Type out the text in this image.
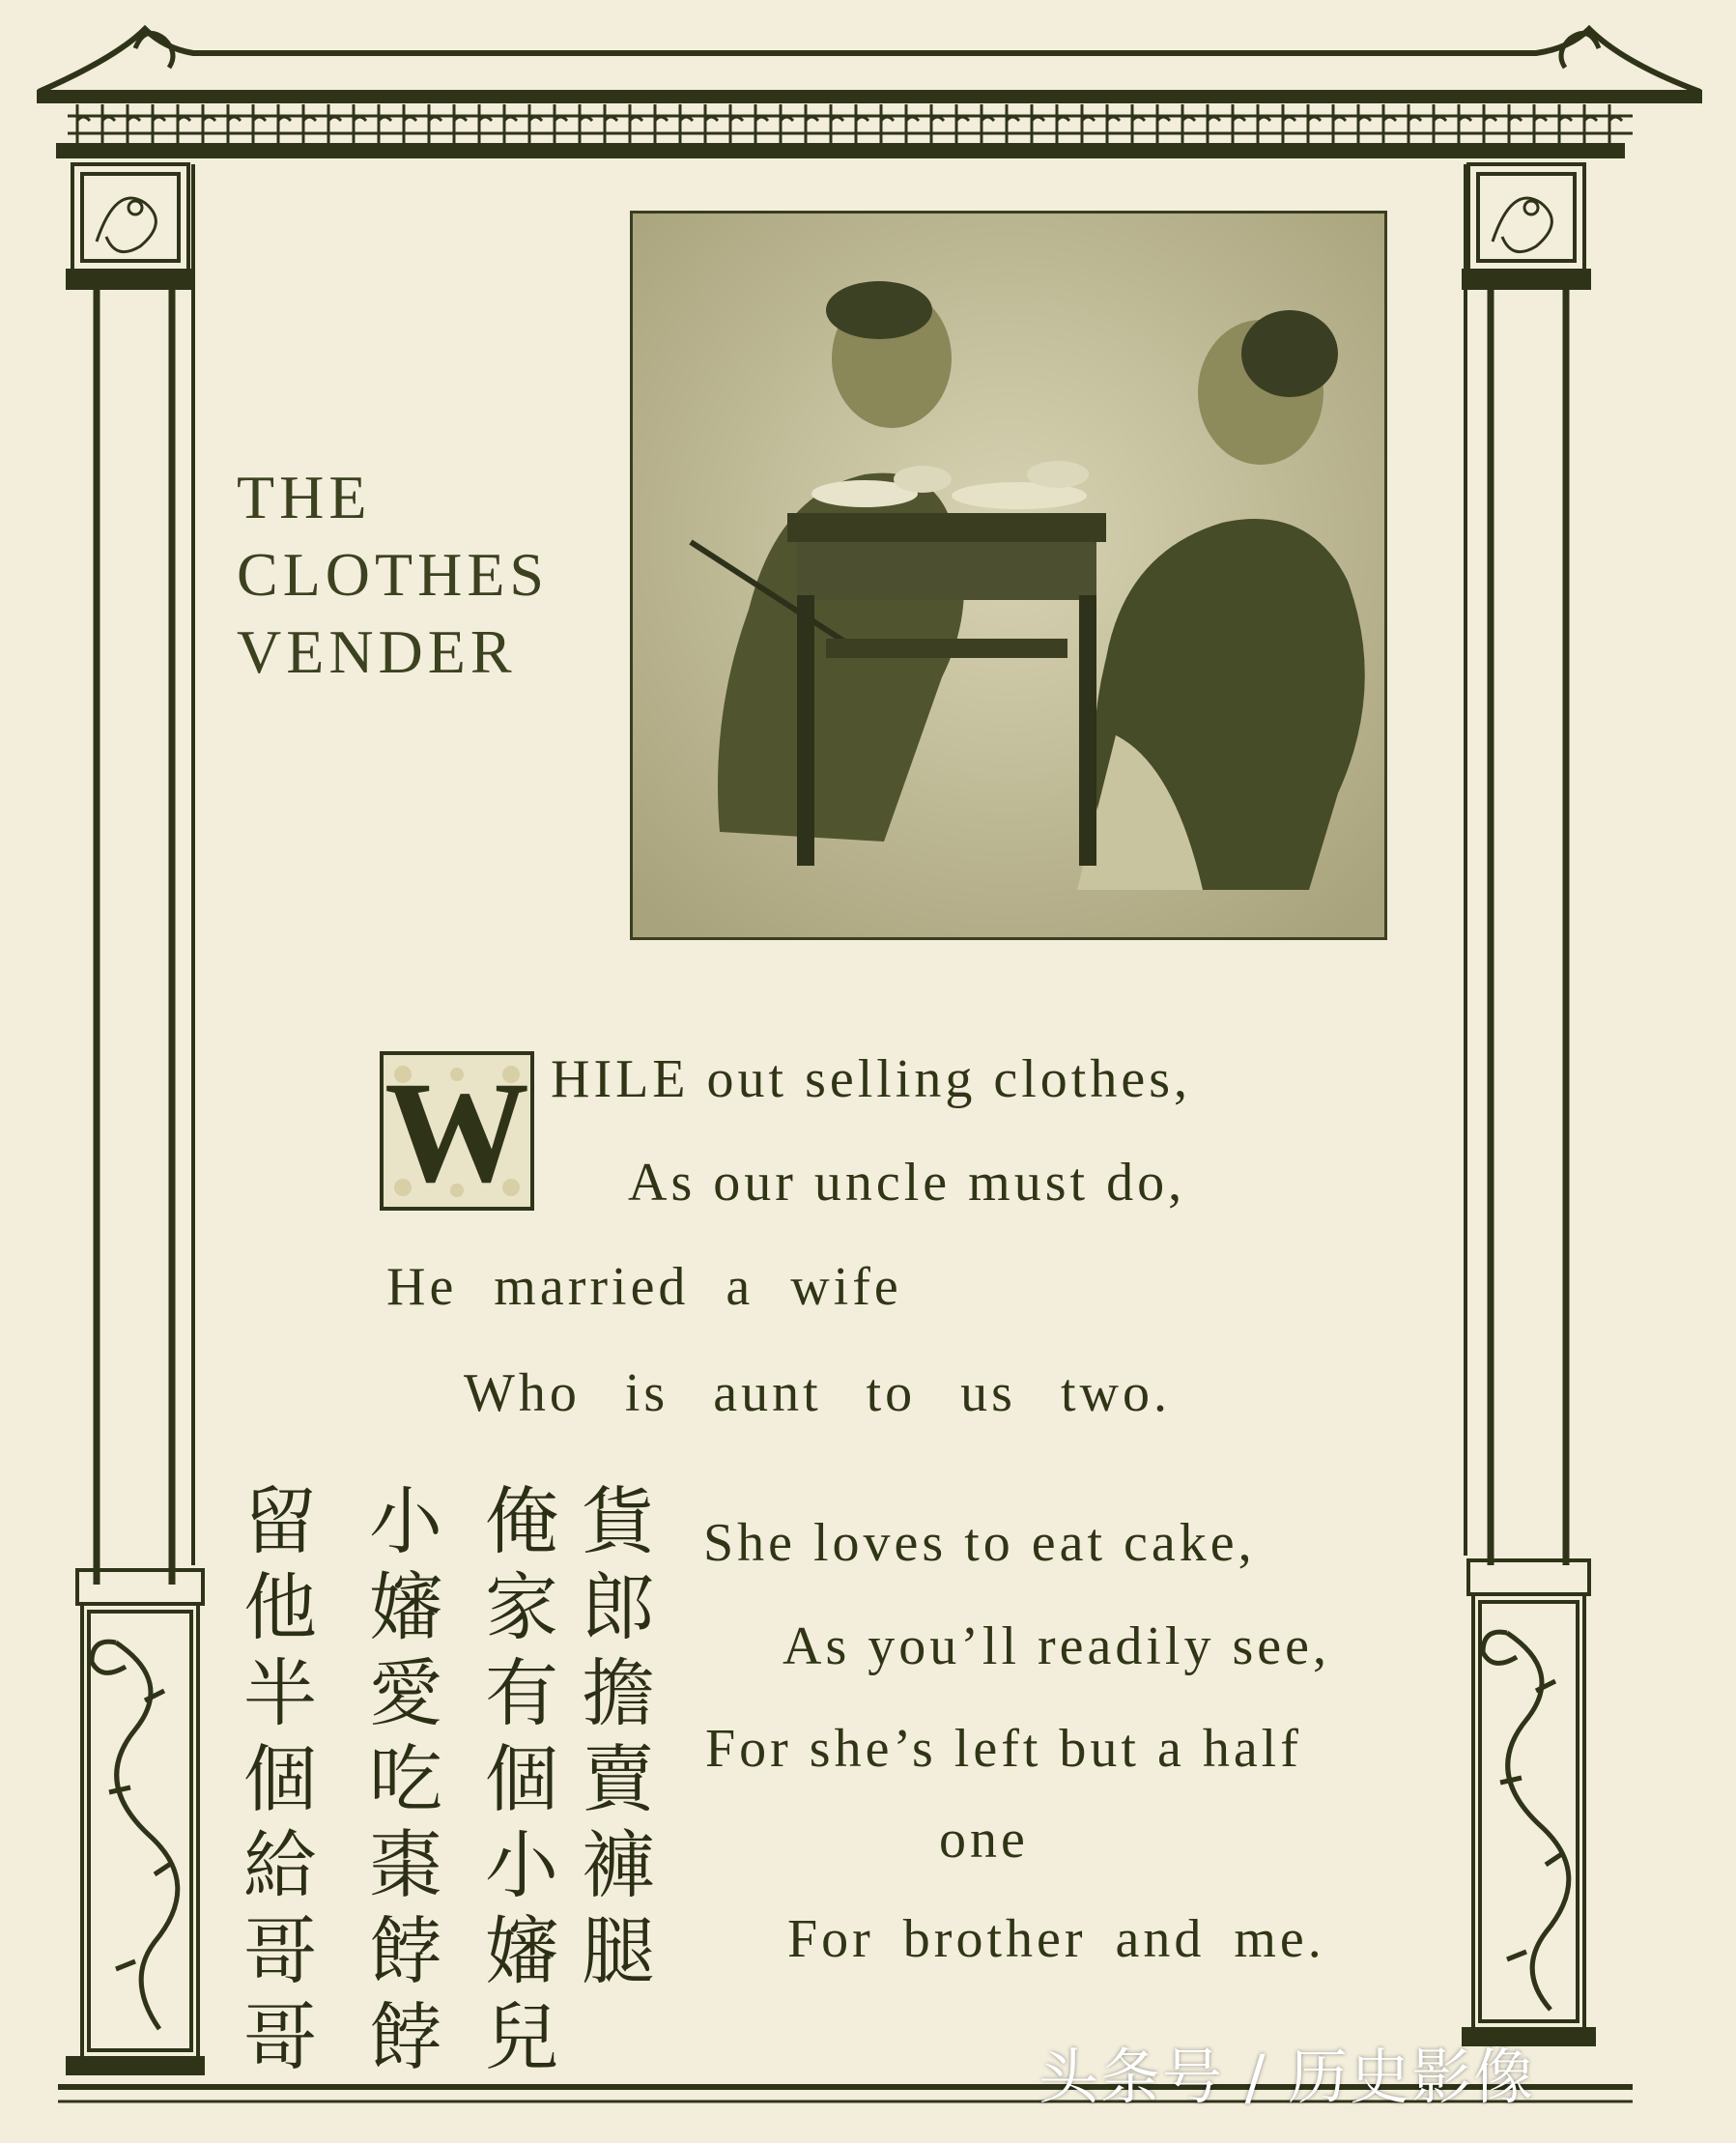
THE
CLOTHES
VENDER
W HILE out selling clothes,
As our uncle must do,
He married a wife
Who is aunt to us two.
She loves to eat cake,
As you’ll readily see,
For she’s left but a half
one
For brother and me.
貨郎擔賣褲腿
俺家有個小嬸兒
小嬸愛吃棗餑餑
留他半個給哥哥	头条号 / 历史影像
